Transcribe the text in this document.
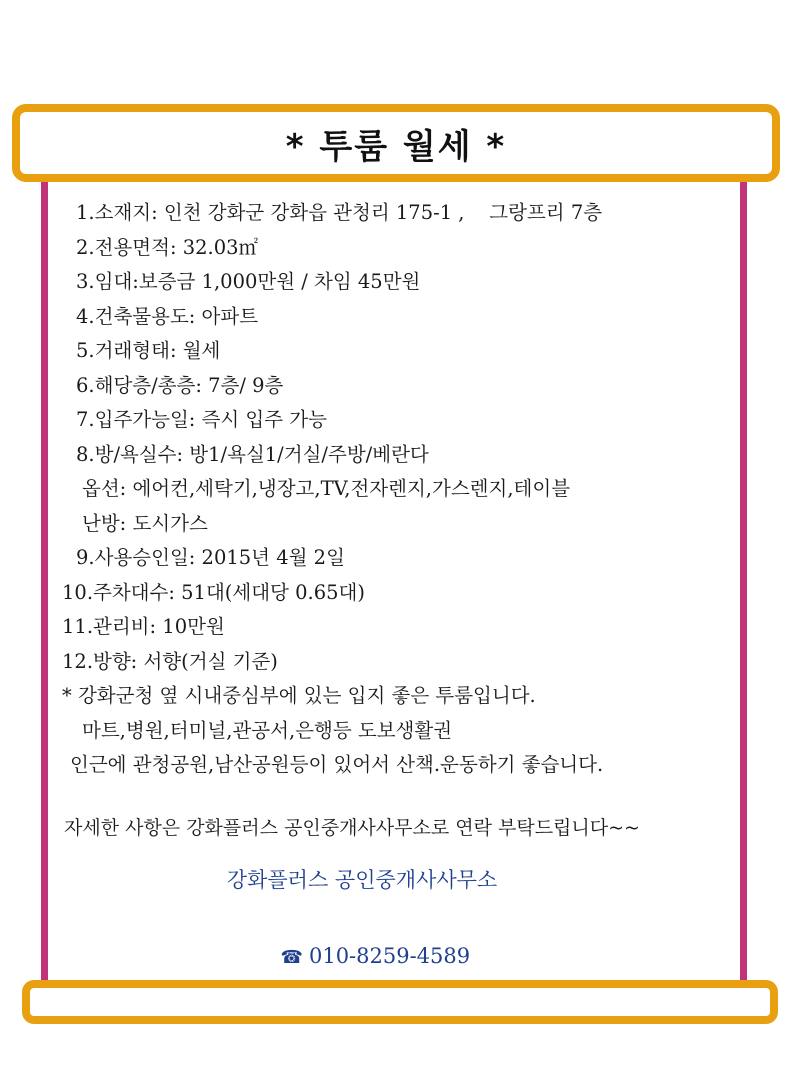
* 투룸 월세 *
1.소재지: 인천 강화군 강화읍 관청리 175-1 ,    그랑프리 7층
2.전용면적: 32.03㎡
3.임대:보증금 1,000만원 / 차임 45만원
4.건축물용도: 아파트
5.거래형태: 월세
6.해당층/총층: 7층/ 9층
7.입주가능일: 즉시 입주 가능
8.방/욕실수: 방1/욕실1/거실/주방/베란다
옵션: 에어컨,세탁기,냉장고,TV,전자렌지,가스렌지,테이블
난방: 도시가스
9.사용승인일: 2015년 4월 2일
10.주차대수: 51대(세대당 0.65대)
11.관리비: 10만원
12.방향: 서향(거실 기준)
* 강화군청 옆 시내중심부에 있는 입지 좋은 투룸입니다.
마트,병원,터미널,관공서,은행등 도보생활권
인근에 관청공원,남산공원등이 있어서 산책.운동하기 좋습니다.
자세한 사항은 강화플러스 공인중개사사무소로 연락 부탁드립니다~~
강화플러스 공인중개사사무소

☎ 010-8259-4589
